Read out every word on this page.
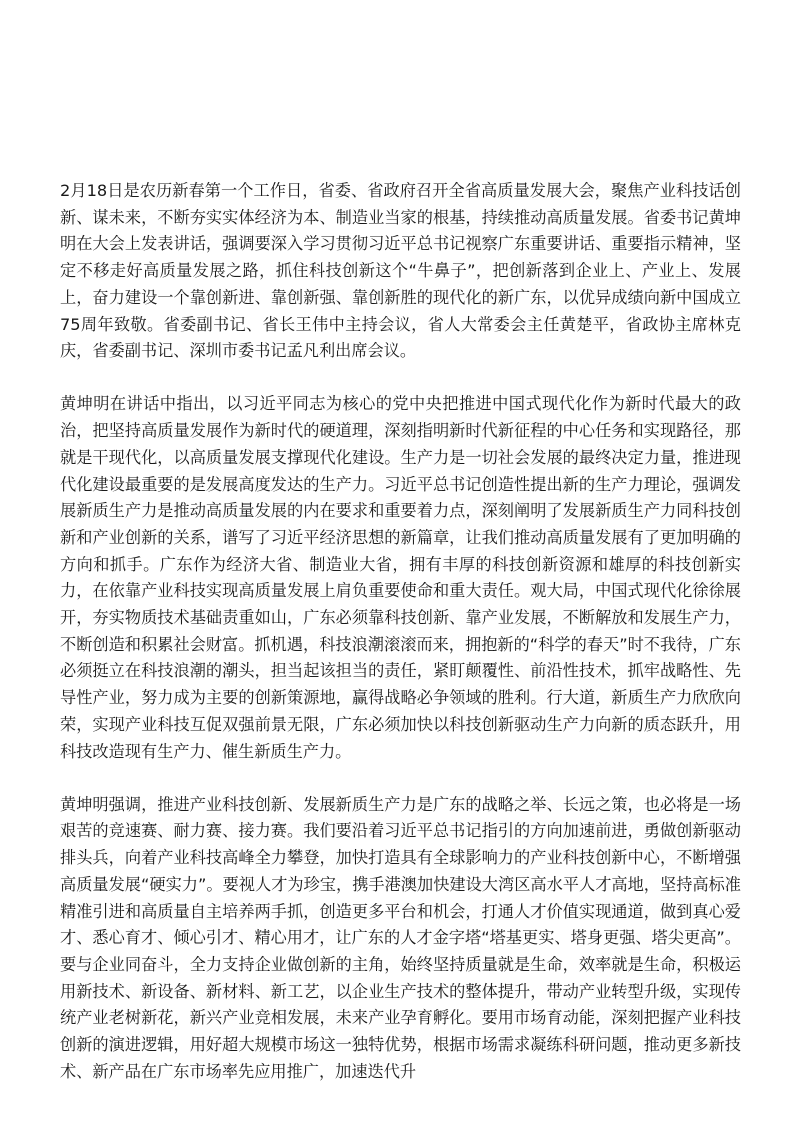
2月18日是农历新春第一个工作日，省委、省政府召开全省高质量发展大会，聚焦产业科技话创新、谋未来，不断夯实实体经济为本、制造业当家的根基，持续推动高质量发展。省委书记黄坤明在大会上发表讲话，强调要深入学习贯彻习近平总书记视察广东重要讲话、重要指示精神，坚定不移走好高质量发展之路，抓住科技创新这个“牛鼻子”，把创新落到企业上、产业上、发展上，奋力建设一个靠创新进、靠创新强、靠创新胜的现代化的新广东，以优异成绩向新中国成立75周年致敬。省委副书记、省长王伟中主持会议，省人大常委会主任黄楚平，省政协主席林克庆，省委副书记、深圳市委书记孟凡利出席会议。

黄坤明在讲话中指出，以习近平同志为核心的党中央把推进中国式现代化作为新时代最大的政治，把坚持高质量发展作为新时代的硬道理，深刻指明新时代新征程的中心任务和实现路径，那就是干现代化，以高质量发展支撑现代化建设。生产力是一切社会发展的最终决定力量，推进现代化建设最重要的是发展高度发达的生产力。习近平总书记创造性提出新的生产力理论，强调发展新质生产力是推动高质量发展的内在要求和重要着力点，深刻阐明了发展新质生产力同科技创新和产业创新的关系，谱写了习近平经济思想的新篇章，让我们推动高质量发展有了更加明确的方向和抓手。广东作为经济大省、制造业大省，拥有丰厚的科技创新资源和雄厚的科技创新实力，在依靠产业科技实现高质量发展上肩负重要使命和重大责任。观大局，中国式现代化徐徐展开，夯实物质技术基础责重如山，广东必须靠科技创新、靠产业发展，不断解放和发展生产力，不断创造和积累社会财富。抓机遇，科技浪潮滚滚而来，拥抱新的“科学的春天”时不我待，广东必须挺立在科技浪潮的潮头，担当起该担当的责任，紧盯颠覆性、前沿性技术，抓牢战略性、先导性产业，努力成为主要的创新策源地，赢得战略必争领域的胜利。行大道，新质生产力欣欣向荣，实现产业科技互促双强前景无限，广东必须加快以科技创新驱动生产力向新的质态跃升，用科技改造现有生产力、催生新质生产力。

黄坤明强调，推进产业科技创新、发展新质生产力是广东的战略之举、长远之策，也必将是一场艰苦的竞速赛、耐力赛、接力赛。我们要沿着习近平总书记指引的方向加速前进，勇做创新驱动排头兵，向着产业科技高峰全力攀登，加快打造具有全球影响力的产业科技创新中心，不断增强高质量发展“硬实力”。要视人才为珍宝，携手港澳加快建设大湾区高水平人才高地，坚持高标准精准引进和高质量自主培养两手抓，创造更多平台和机会，打通人才价值实现通道，做到真心爱才、悉心育才、倾心引才、精心用才，让广东的人才金字塔“塔基更实、塔身更强、塔尖更高”。要与企业同奋斗，全力支持企业做创新的主角，始终坚持质量就是生命，效率就是生命，积极运用新技术、新设备、新材料、新工艺，以企业生产技术的整体提升，带动产业转型升级，实现传统产业老树新花，新兴产业竞相发展，未来产业孕育孵化。要用市场育动能，深刻把握产业科技创新的演进逻辑，用好超大规模市场这一独特优势，根据市场需求凝练科研问题，推动更多新技术、新产品在广东市场率先应用推广，加速迭代升
